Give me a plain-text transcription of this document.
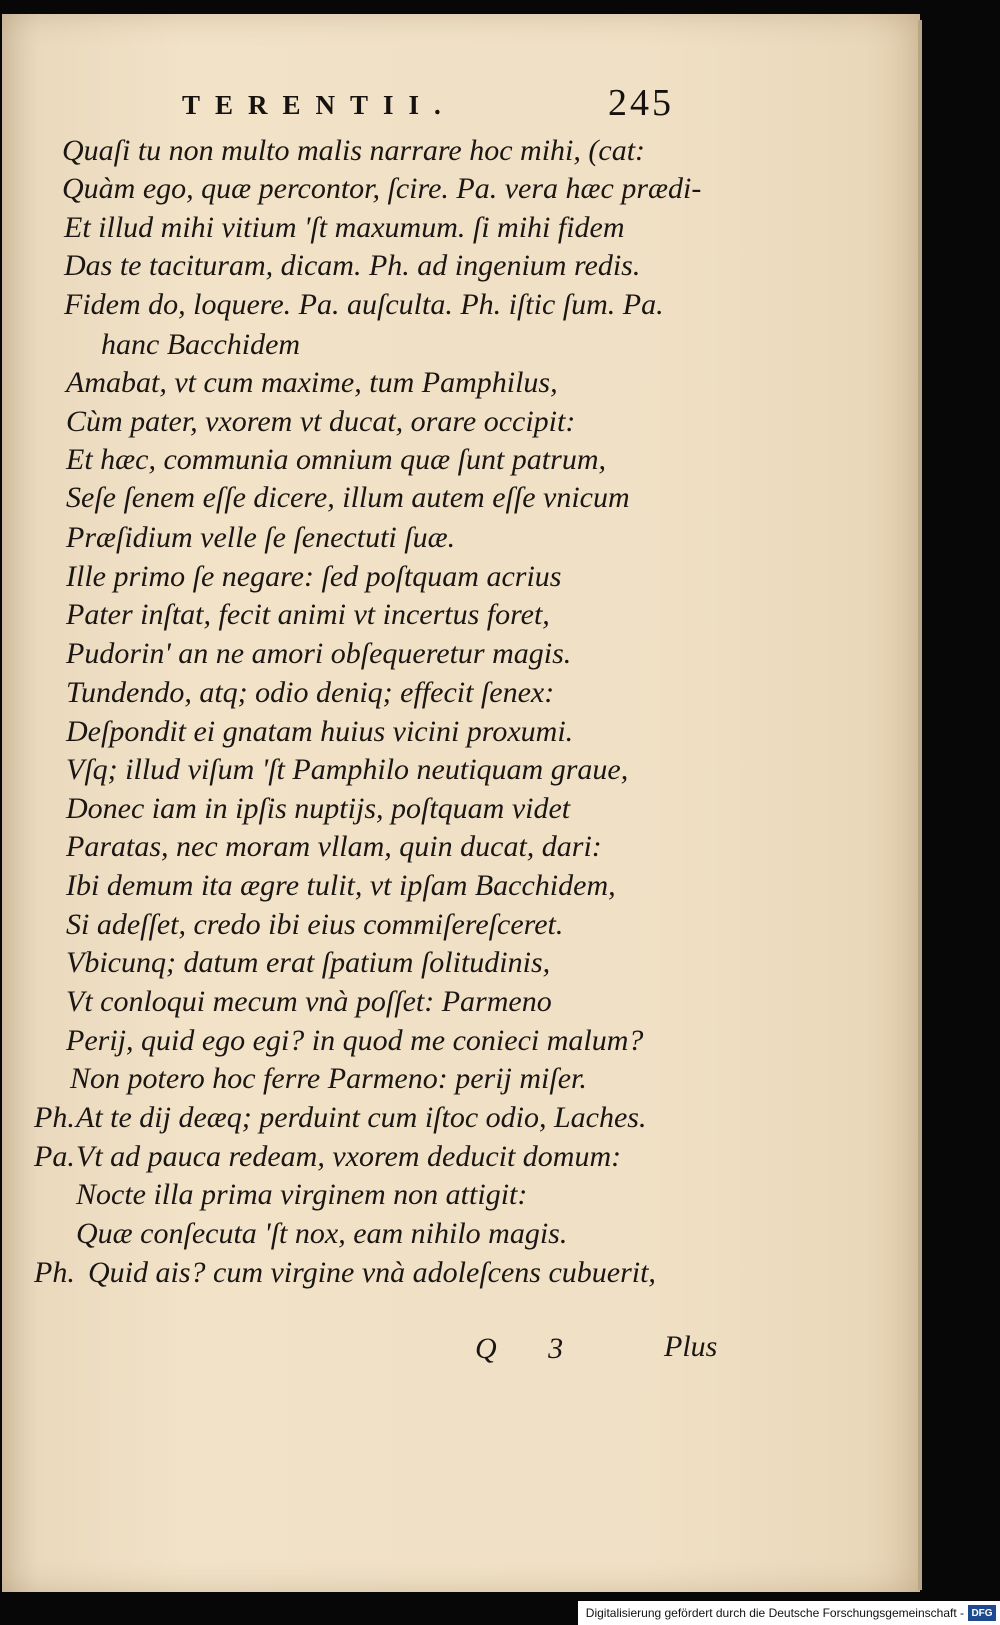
TERENTII.	245
Quaſi tu non multo malis narrare hoc mihi, (cat:
Quàm ego, quæ percontor, ſcire. Pa. vera hæc prædi-
Et illud mihi vitium 'ſt maxumum. ſi mihi fidem
Das te tacituram, dicam. Ph. ad ingenium redis.
Fidem do, loquere. Pa. auſculta. Ph. iſtic ſum. Pa.
hanc Bacchidem
Amabat, vt cum maxime, tum Pamphilus,
Cùm pater, vxorem vt ducat, orare occipit:
Et hæc, communia omnium quæ ſunt patrum,
Seſe ſenem eſſe dicere, illum autem eſſe vnicum
Præſidium velle ſe ſenectuti ſuæ.
Ille primo ſe negare: ſed poſtquam acrius
Pater inſtat, fecit animi vt incertus foret,
Pudorin' an ne amori obſequeretur magis.
Tundendo, atq; odio deniq; effecit ſenex:
Deſpondit ei gnatam huius vicini proxumi.
Vſq; illud viſum 'ſt Pamphilo neutiquam graue,
Donec iam in ipſis nuptijs, poſtquam videt
Paratas, nec moram vllam, quin ducat, dari:
Ibi demum ita ægre tulit, vt ipſam Bacchidem,
Si adeſſet, credo ibi eius commiſereſceret.
Vbicunq; datum erat ſpatium ſolitudinis,
Vt conloqui mecum vnà poſſet: Parmeno
Perij, quid ego egi? in quod me conieci malum?
Non potero hoc ferre Parmeno: perij miſer.
Ph. At te dij deæq; perduint cum iſtoc odio, Laches.
Pa. Vt ad pauca redeam, vxorem deducit domum:
Nocte illa prima virginem non attigit:
Quæ conſecuta 'ſt nox, eam nihilo magis.
Ph. Quid ais? cum virgine vnà adoleſcens cubuerit,
Q 3	Plus
Digitalisierung gefördert durch die Deutsche Forschungsgemeinschaft - DFG
